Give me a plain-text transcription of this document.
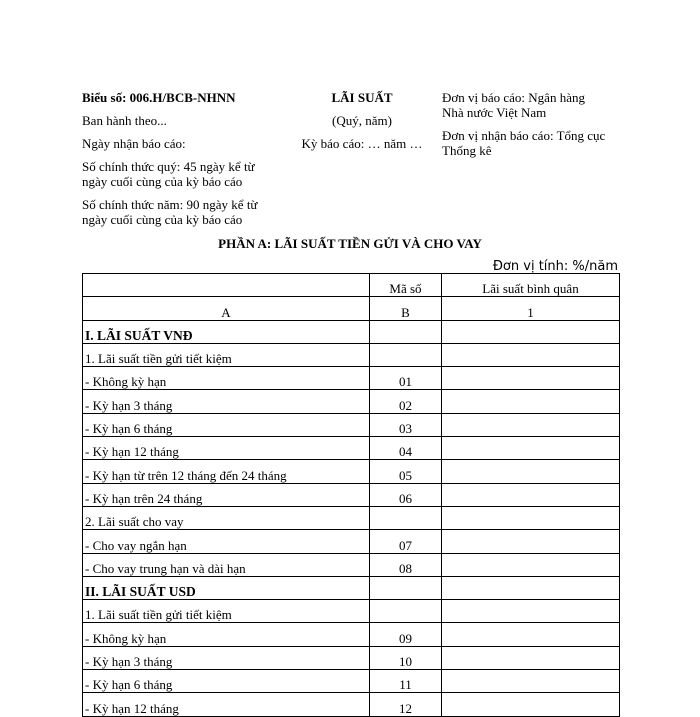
Biểu số: 006.H/BCB-NHNN
Ban hành theo...
Ngày nhận báo cáo:
Số chính thức quý: 45 ngày kể từ
ngày cuối cùng của kỳ báo cáo
Số chính thức năm: 90 ngày kể từ
ngày cuối cùng của kỳ báo cáo
LÃI SUẤT
(Quý, năm)
Kỳ báo cáo: … năm …
Đơn vị báo cáo: Ngân hàng
Nhà nước Việt Nam
Đơn vị nhận báo cáo: Tổng cục
Thống kê
PHẦN A: LÃI SUẤT TIỀN GỬI VÀ CHO VAY
Đơn vị tính: %/năm
	Mã số	Lãi suất bình quân
A	B	1
I. LÃI SUẤT VNĐ		
1. Lãi suất tiền gửi tiết kiệm		
- Không kỳ hạn	01	
- Kỳ hạn 3 tháng	02	
- Kỳ hạn 6 tháng	03	
- Kỳ hạn 12 tháng	04	
- Kỳ hạn từ trên 12 tháng đến 24 tháng	05	
- Kỳ hạn trên 24 tháng	06	
2. Lãi suất cho vay		
- Cho vay ngắn hạn	07	
- Cho vay trung hạn và dài hạn	08	
II. LÃI SUẤT USD		
1. Lãi suất tiền gửi tiết kiệm		
- Không kỳ hạn	09	
- Kỳ hạn 3 tháng	10	
- Kỳ hạn 6 tháng	11	
- Kỳ hạn 12 tháng	12	
